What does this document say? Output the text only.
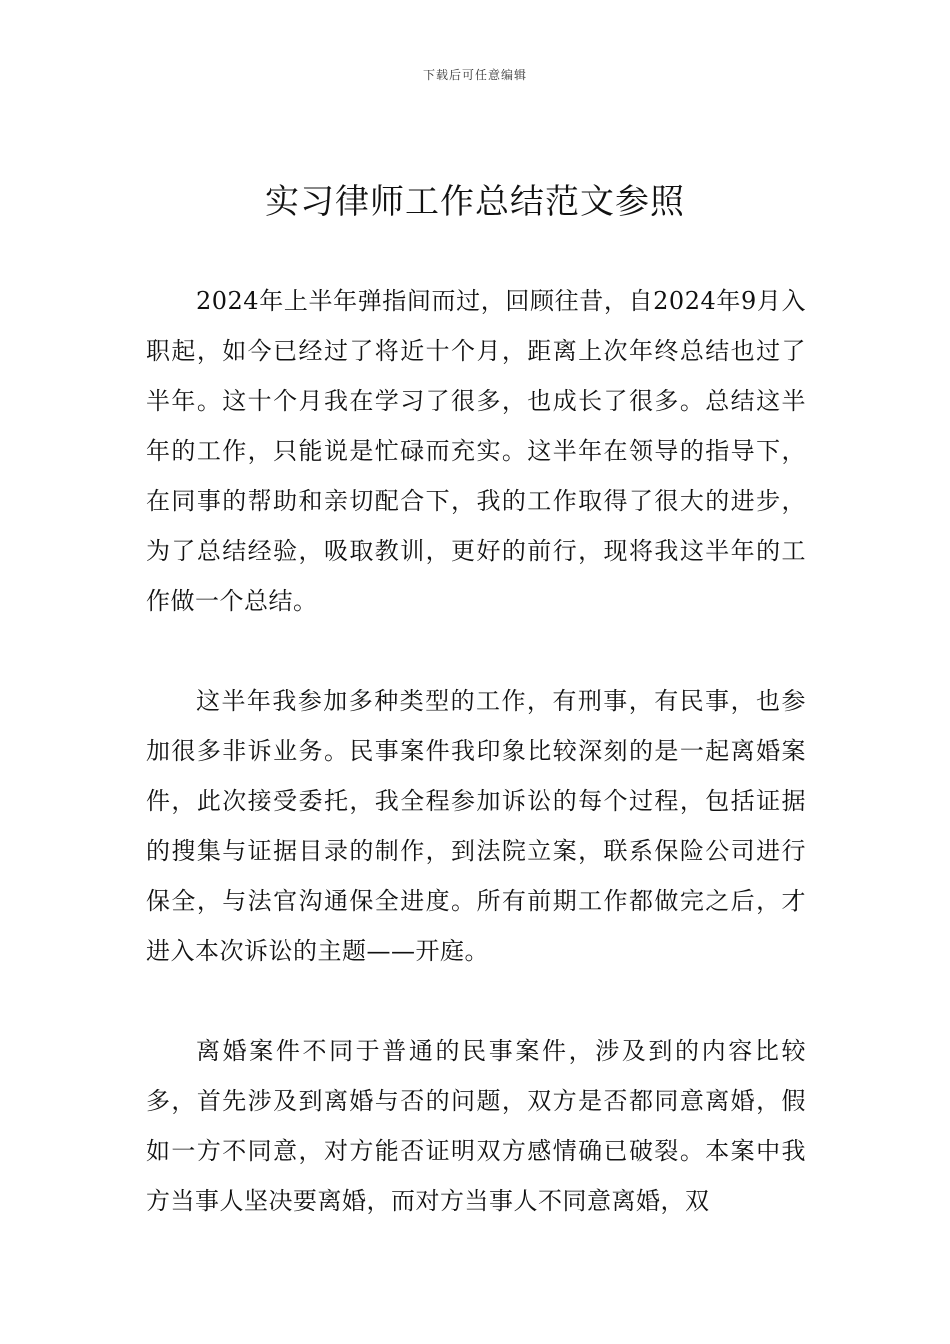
下载后可任意编辑
实习律师工作总结范文参照

2024年上半年弹指间而过，回顾往昔，自2024年9月入职起，如今已经过了将近十个月，距离上次年终总结也过了半年。这十个月我在学习了很多，也成长了很多。总结这半年的工作，只能说是忙碌而充实。这半年在领导的指导下，在同事的帮助和亲切配合下，我的工作取得了很大的进步，为了总结经验，吸取教训，更好的前行，现将我这半年的工作做一个总结。

这半年我参加多种类型的工作，有刑事，有民事，也参加很多非诉业务。民事案件我印象比较深刻的是一起离婚案件，此次接受委托，我全程参加诉讼的每个过程，包括证据的搜集与证据目录的制作，到法院立案，联系保险公司进行保全，与法官沟通保全进度。所有前期工作都做完之后，才进入本次诉讼的主题——开庭。

离婚案件不同于普通的民事案件，涉及到的内容比较多，首先涉及到离婚与否的问题，双方是否都同意离婚，假如一方不同意，对方能否证明双方感情确已破裂。本案中我方当事人坚决要离婚，而对方当事人不同意离婚，双
